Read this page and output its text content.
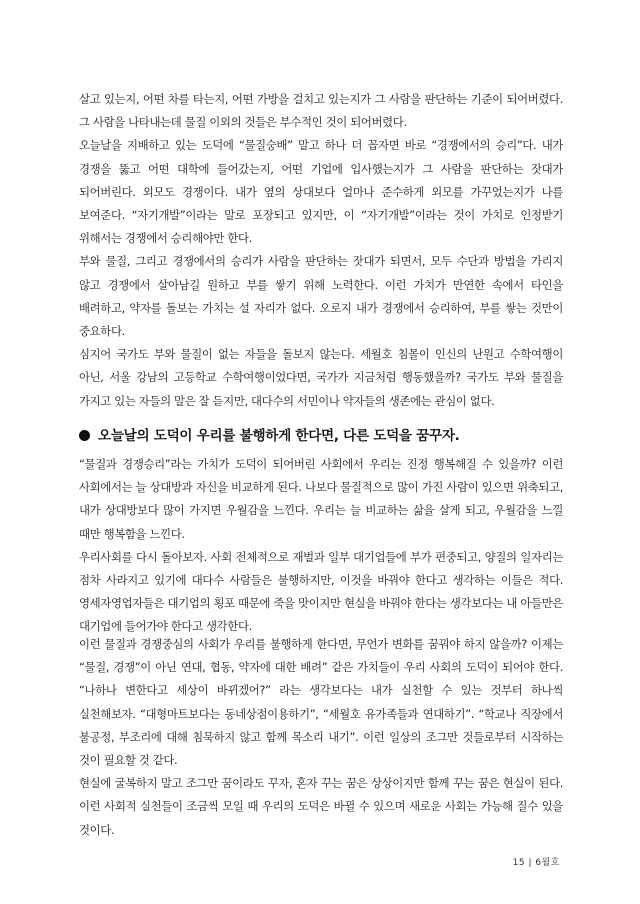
살고 있는지, 어떤 차를 타는지, 어떤 가방을 걸치고 있는지가 그 사람을 판단하는 기준이 되어버렸다. 그 사람을 나타내는데 물질 이외의 것들은 부수적인 것이 되어버렸다.

오늘날을 지배하고 있는 도덕에 “물질숭배” 말고 하나 더 꼽자면 바로 “경쟁에서의 승리”다. 내가 경쟁을 뚫고 어떤 대학에 들어갔는지, 어떤 기업에 입사했는지가 그 사람을 판단하는 잣대가 되어버린다. 외모도 경쟁이다. 내가 옆의 상대보다 얼마나 준수하게 외모를 가꾸었는지가 나를 보여준다. “자기개발”이라는 말로 포장되고 있지만, 이 “자기개발”이라는 것이 가치로 인정받기 위해서는 경쟁에서 승리해야만 한다.

부와 물질, 그리고 경쟁에서의 승리가 사람을 판단하는 잣대가 되면서, 모두 수단과 방법을 가리지 않고 경쟁에서 살아남길 원하고 부를 쌓기 위해 노력한다. 이런 가치가 만연한 속에서 타인을 배려하고, 약자를 돌보는 가치는 설 자리가 없다. 오로지 내가 경쟁에서 승리하여, 부를 쌓는 것만이 중요하다.

심지어 국가도 부와 물질이 없는 자들을 돌보지 않는다. 세월호 침몰이 인신의 난원고 수학여행이 아닌, 서울 강남의 고등학교 수학여행이었다면, 국가가 지금처럼 행동했을까? 국가도 부와 물질을 가지고 있는 자들의 말은 잘 듣지만, 대다수의 서민이나 약자들의 생존에는 관심이 없다.

오늘날의 도덕이 우리를 불행하게 한다면, 다른 도덕을 꿈꾸자.

“물질과 경쟁승리”라는 가치가 도덕이 되어버린 사회에서 우리는 진정 행복해질 수 있을까? 이런 사회에서는 늘 상대방과 자신을 비교하게 된다. 나보다 물질적으로 많이 가진 사람이 있으면 위축되고, 내가 상대방보다 많이 가지면 우월감을 느낀다. 우리는 늘 비교하는 삶을 살게 되고, 우월감을 느낄 때만 행복함을 느낀다.

우리사회를 다시 돌아보자. 사회 전체적으로 재벌과 일부 대기업들에 부가 편중되고, 양질의 일자리는 점차 사라지고 있기에 대다수 사람들은 불행하지만, 이것을 바꿔야 한다고 생각하는 이들은 적다. 영세자영업자들은 대기업의 횡포 때문에 죽을 맛이지만 현실을 바꿔야 한다는 생각보다는 내 아들만은 대기업에 들어가야 한다고 생각한다.

이런 물질과 경쟁중심의 사회가 우리를 불행하게 한다면, 무언가 변화를 꿈꿔야 하지 않을까? 이제는 “물질, 경쟁”이 아닌 연대, 협동, 약자에 대한 배려” 같은 가치들이 우리 사회의 도덕이 되어야 한다. “나하나 변한다고 세상이 바뀌겠어?” 라는 생각보다는 내가 실천할 수 있는 것부터 하나씩 실천해보자. “대형마트보다는 동네상점이용하기”, “세월호 유가족들과 연대하기”. “학교나 직장에서 불공정, 부조리에 대해 침묵하지 않고 함께 목소리 내기”. 이런 일상의 조그만 것들로부터 시작하는 것이 필요할 것 같다.

현실에 굴복하지 말고 조그만 꿈이라도 꾸자, 혼자 꾸는 꿈은 상상이지만 함께 꾸는 꿈은 현실이 된다. 이런 사회적 실천들이 조금씩 모일 때 우리의 도덕은 바뀔 수 있으며 새로운 사회는 가능해 질수 있을 것이다.

15 | 6월호
